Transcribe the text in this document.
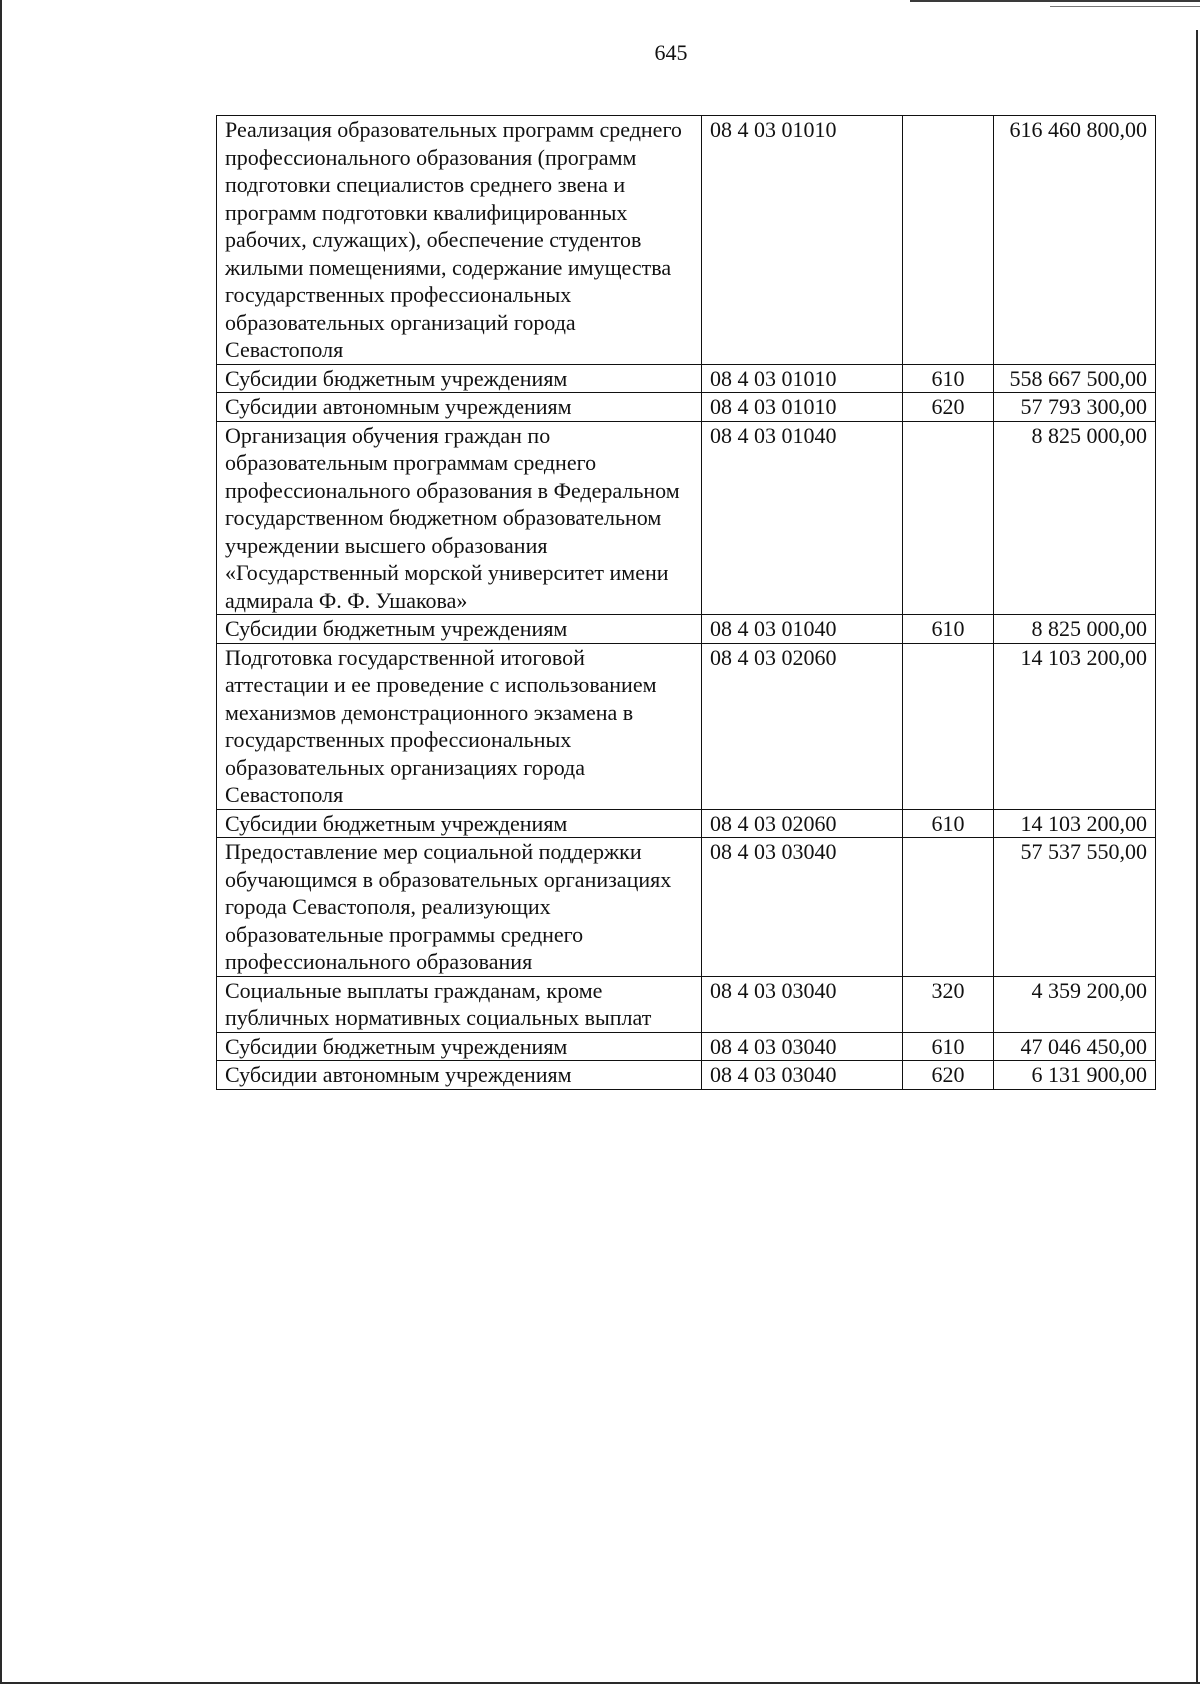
645
Реализация образовательных программ среднего профессионального образования (программ подготовки специалистов среднего звена и программ подготовки квалифицированных рабочих, служащих), обеспечение студентов жилыми помещениями, содержание имущества государственных профессиональных образовательных организаций города Севастополя	08 4 03 01010		616 460 800,00
Субсидии бюджетным учреждениям	08 4 03 01010	610	558 667 500,00
Субсидии автономным учреждениям	08 4 03 01010	620	57 793 300,00
Организация обучения граждан по образовательным программам среднего профессионального образования в Федеральном государственном бюджетном образовательном учреждении высшего образования «Государственный морской университет имени адмирала Ф. Ф. Ушакова»	08 4 03 01040		8 825 000,00
Субсидии бюджетным учреждениям	08 4 03 01040	610	8 825 000,00
Подготовка государственной итоговой аттестации и ее проведение с использованием механизмов демонстрационного экзамена в государственных профессиональных образовательных организациях города Севастополя	08 4 03 02060		14 103 200,00
Субсидии бюджетным учреждениям	08 4 03 02060	610	14 103 200,00
Предоставление мер социальной поддержки обучающимся в образовательных организациях города Севастополя, реализующих образовательные программы среднего профессионального образования	08 4 03 03040		57 537 550,00
Социальные выплаты гражданам, кроме публичных нормативных социальных выплат	08 4 03 03040	320	4 359 200,00
Субсидии бюджетным учреждениям	08 4 03 03040	610	47 046 450,00
Субсидии автономным учреждениям	08 4 03 03040	620	6 131 900,00
